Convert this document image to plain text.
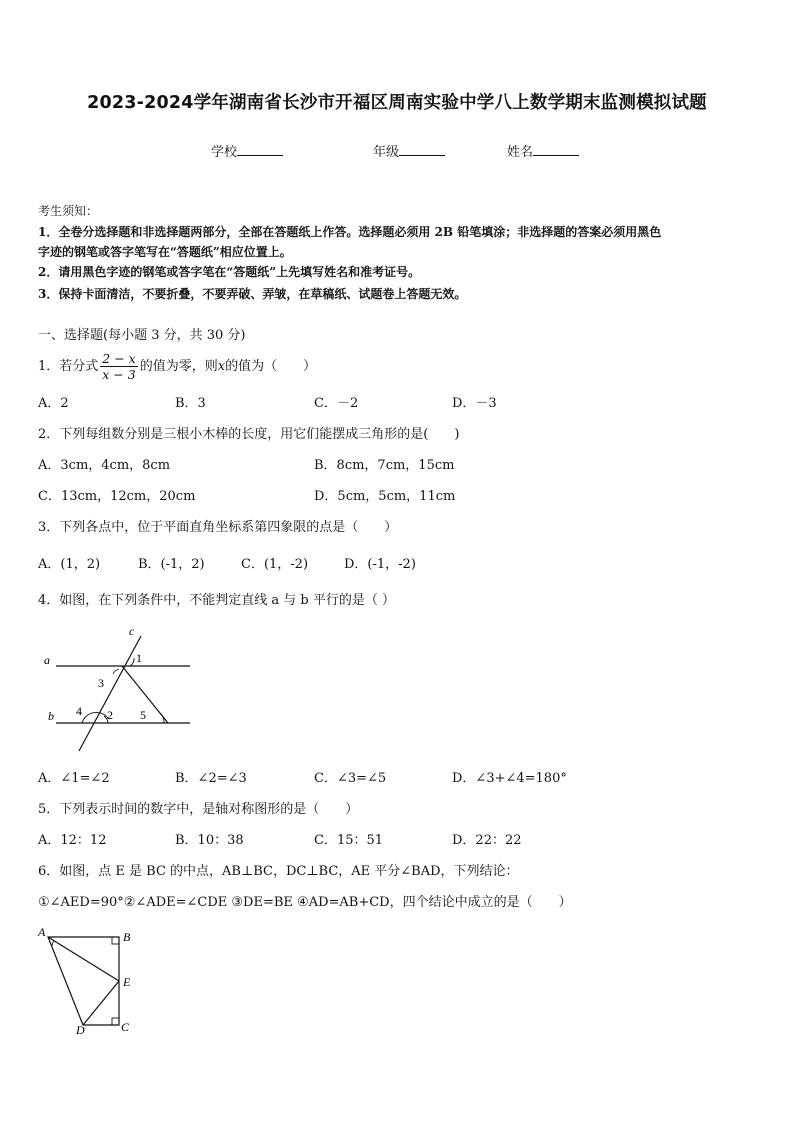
2023-2024学年湖南省长沙市开福区周南实验中学八上数学期末监测模拟试题
学校	年级	姓名
考生须知：
1．全卷分选择题和非选择题两部分，全部在答题纸上作答。选择题必须用 2B 铅笔填涂；非选择题的答案必须用黑色
字迹的钢笔或答字笔写在“答题纸”相应位置上。
2．请用黑色字迹的钢笔或答字笔在“答题纸”上先填写姓名和准考证号。
3．保持卡面清洁，不要折叠，不要弄破、弄皱，在草稿纸、试题卷上答题无效。
一、选择题(每小题 3 分，共 30 分)
1．若分式 $\frac{2 - x}{x - 3}$ 的值为零，则x的值为（　　）
A．2	B．3	C．－2	D．－3
2．下列每组数分别是三根小木棒的长度，用它们能摆成三角形的是(　　)
A．3cm，4cm，8cm	B．8cm，7cm，15cm
C．13cm，12cm，20cm	D．5cm，5cm，11cm
3．下列各点中，位于平面直角坐标系第四象限的点是（　　）
A．(1，2)	B．(-1，2)	C．(1，-2)	D．(-1，-2)
4．如图，在下列条件中，不能判定直线 a 与 b 平行的是（ ）
c
a	1
3
b 4 2 5
A．∠1=∠2	B．∠2=∠3	C．∠3=∠5	D．∠3+∠4=180°
5．下列表示时间的数字中，是轴对称图形的是（　　）
A．12：12	B．10：38	C．15：51	D．22：22
6．如图，点 E 是 BC 的中点，AB⊥BC，DC⊥BC，AE 平分∠BAD，下列结论：
①∠AED=90°②∠ADE=∠CDE ③DE=BE ④AD=AB+CD，四个结论中成立的是（　　）
A	B
E
D	C
